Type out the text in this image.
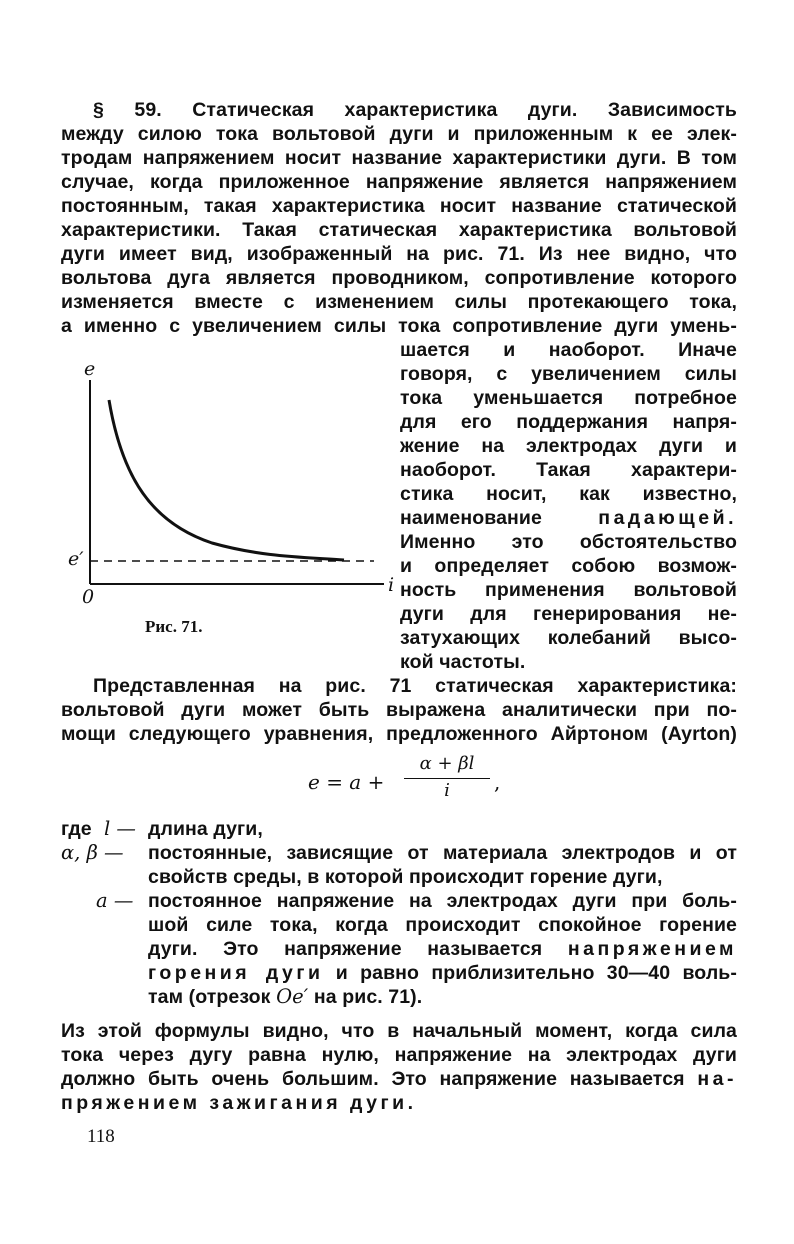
§ 59. Статическая характеристика дуги. Зависимость
между силою тока вольтовой дуги и приложенным к ее элек-
тродам напряжением носит название характеристики дуги. В том
случае, когда приложенное напряжение является напряжением
постоянным, такая характеристика носит название статической
характеристики. Такая статическая характеристика вольтовой
дуги имеет вид, изображенный на рис. 71. Из нее видно, что
вольтова дуга является проводником, сопротивление которого
изменяется вместе с изменением силы протекающего тока,
а именно с увеличением силы тока сопротивление дуги умень-
шается и наоборот. Иначе
говоря, с увеличением силы
тока уменьшается потребное
для его поддержания напря-
жение на электродах дуги и
наоборот. Такая характери-
стика носит, как известно,
наименование	падающей.
Именно это обстоятельство
и определяет собою возмож-
ность применения вольтовой
дуги для генерирования не-
затухающих колебаний высо-
кой частоты.
e
e′
0
i
Рис. 71.
Представленная на рис. 71 статическая характеристика:
вольтовой дуги может быть выражена аналитически при по-
мощи следующего уравнения, предложенного Айртоном (Ayrton)
e = a +
α + βl
i	,
где l — длина дуги,
α, β — постоянные, зависящие от материала электродов и от
свойств среды, в которой происходит горение дуги,
a — постоянное напряжение на электродах дуги при боль-
шой силе тока, когда происходит спокойное горение
дуги. Это напряжение называется напряжением
горения дуги и равно приблизительно 30—40 воль-
там (отрезок Oe′ на рис. 71).
Из этой формулы видно, что в начальный момент, когда сила
тока через дугу равна нулю, напряжение на электродах дуги
должно быть очень большим. Это напряжение называется на-
пряжением зажигания дуги.
118
